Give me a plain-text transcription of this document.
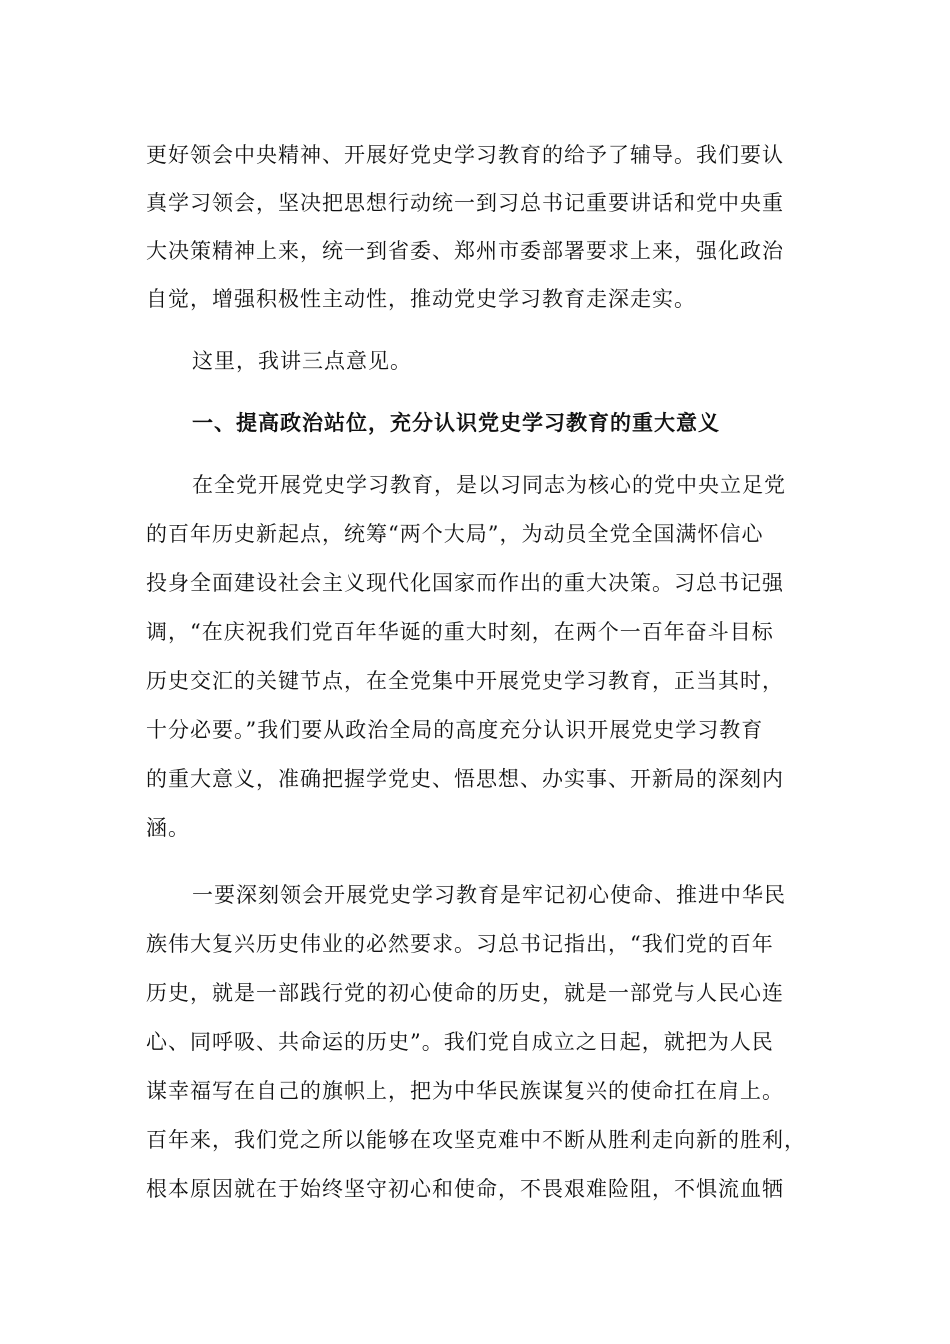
更好领会中央精神、开展好党史学习教育的给予了辅导。我们要认

真学习领会，坚决把思想行动统一到习总书记重要讲话和党中央重

大决策精神上来，统一到省委、郑州市委部署要求上来，强化政治

自觉，增强积极性主动性，推动党史学习教育走深走实。

这里，我讲三点意见。

一、提高政治站位，充分认识党史学习教育的重大意义

在全党开展党史学习教育，是以习同志为核心的党中央立足党

的百年历史新起点，统筹“两个大局”，为动员全党全国满怀信心

投身全面建设社会主义现代化国家而作出的重大决策。习总书记强

调，“在庆祝我们党百年华诞的重大时刻，在两个一百年奋斗目标

历史交汇的关键节点，在全党集中开展党史学习教育，正当其时，

十分必要。”我们要从政治全局的高度充分认识开展党史学习教育

的重大意义，准确把握学党史、悟思想、办实事、开新局的深刻内

涵。

一要深刻领会开展党史学习教育是牢记初心使命、推进中华民

族伟大复兴历史伟业的必然要求。习总书记指出，“我们党的百年

历史，就是一部践行党的初心使命的历史，就是一部党与人民心连

心、同呼吸、共命运的历史”。我们党自成立之日起，就把为人民

谋幸福写在自己的旗帜上，把为中华民族谋复兴的使命扛在肩上。

百年来，我们党之所以能够在攻坚克难中不断从胜利走向新的胜利，

根本原因就在于始终坚守初心和使命，不畏艰难险阻，不惧流血牺
